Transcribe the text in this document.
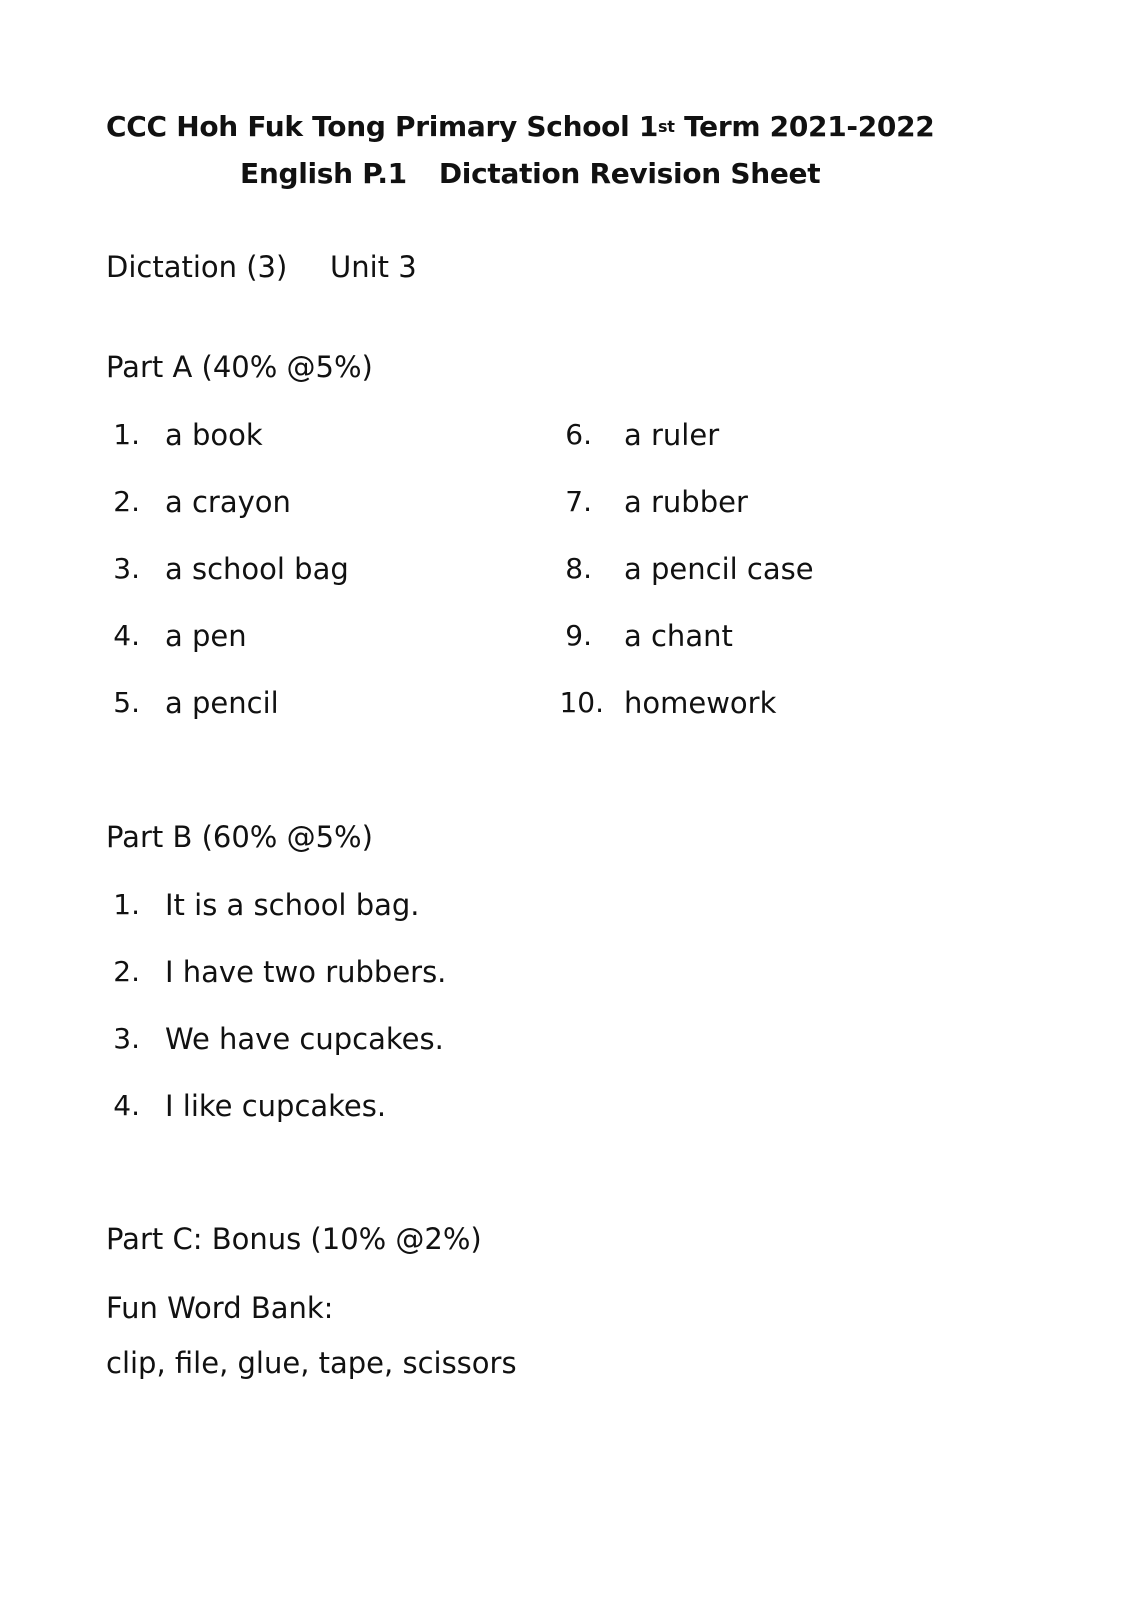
CCC Hoh Fuk Tong Primary School 1st Term 2021-2022
English P.1 Dictation Revision Sheet
Dictation (3) Unit 3
Part A (40% @5%)
1. a book
2. a crayon
3. a school bag
4. a pen
5. a pencil
6. a ruler
7. a rubber
8. a pencil case
9. a chant
10. homework
Part B (60% @5%)
1. It is a school bag.
2. I have two rubbers.
3. We have cupcakes.
4. I like cupcakes.
Part C: Bonus (10% @2%)
Fun Word Bank:
clip, file, glue, tape, scissors
